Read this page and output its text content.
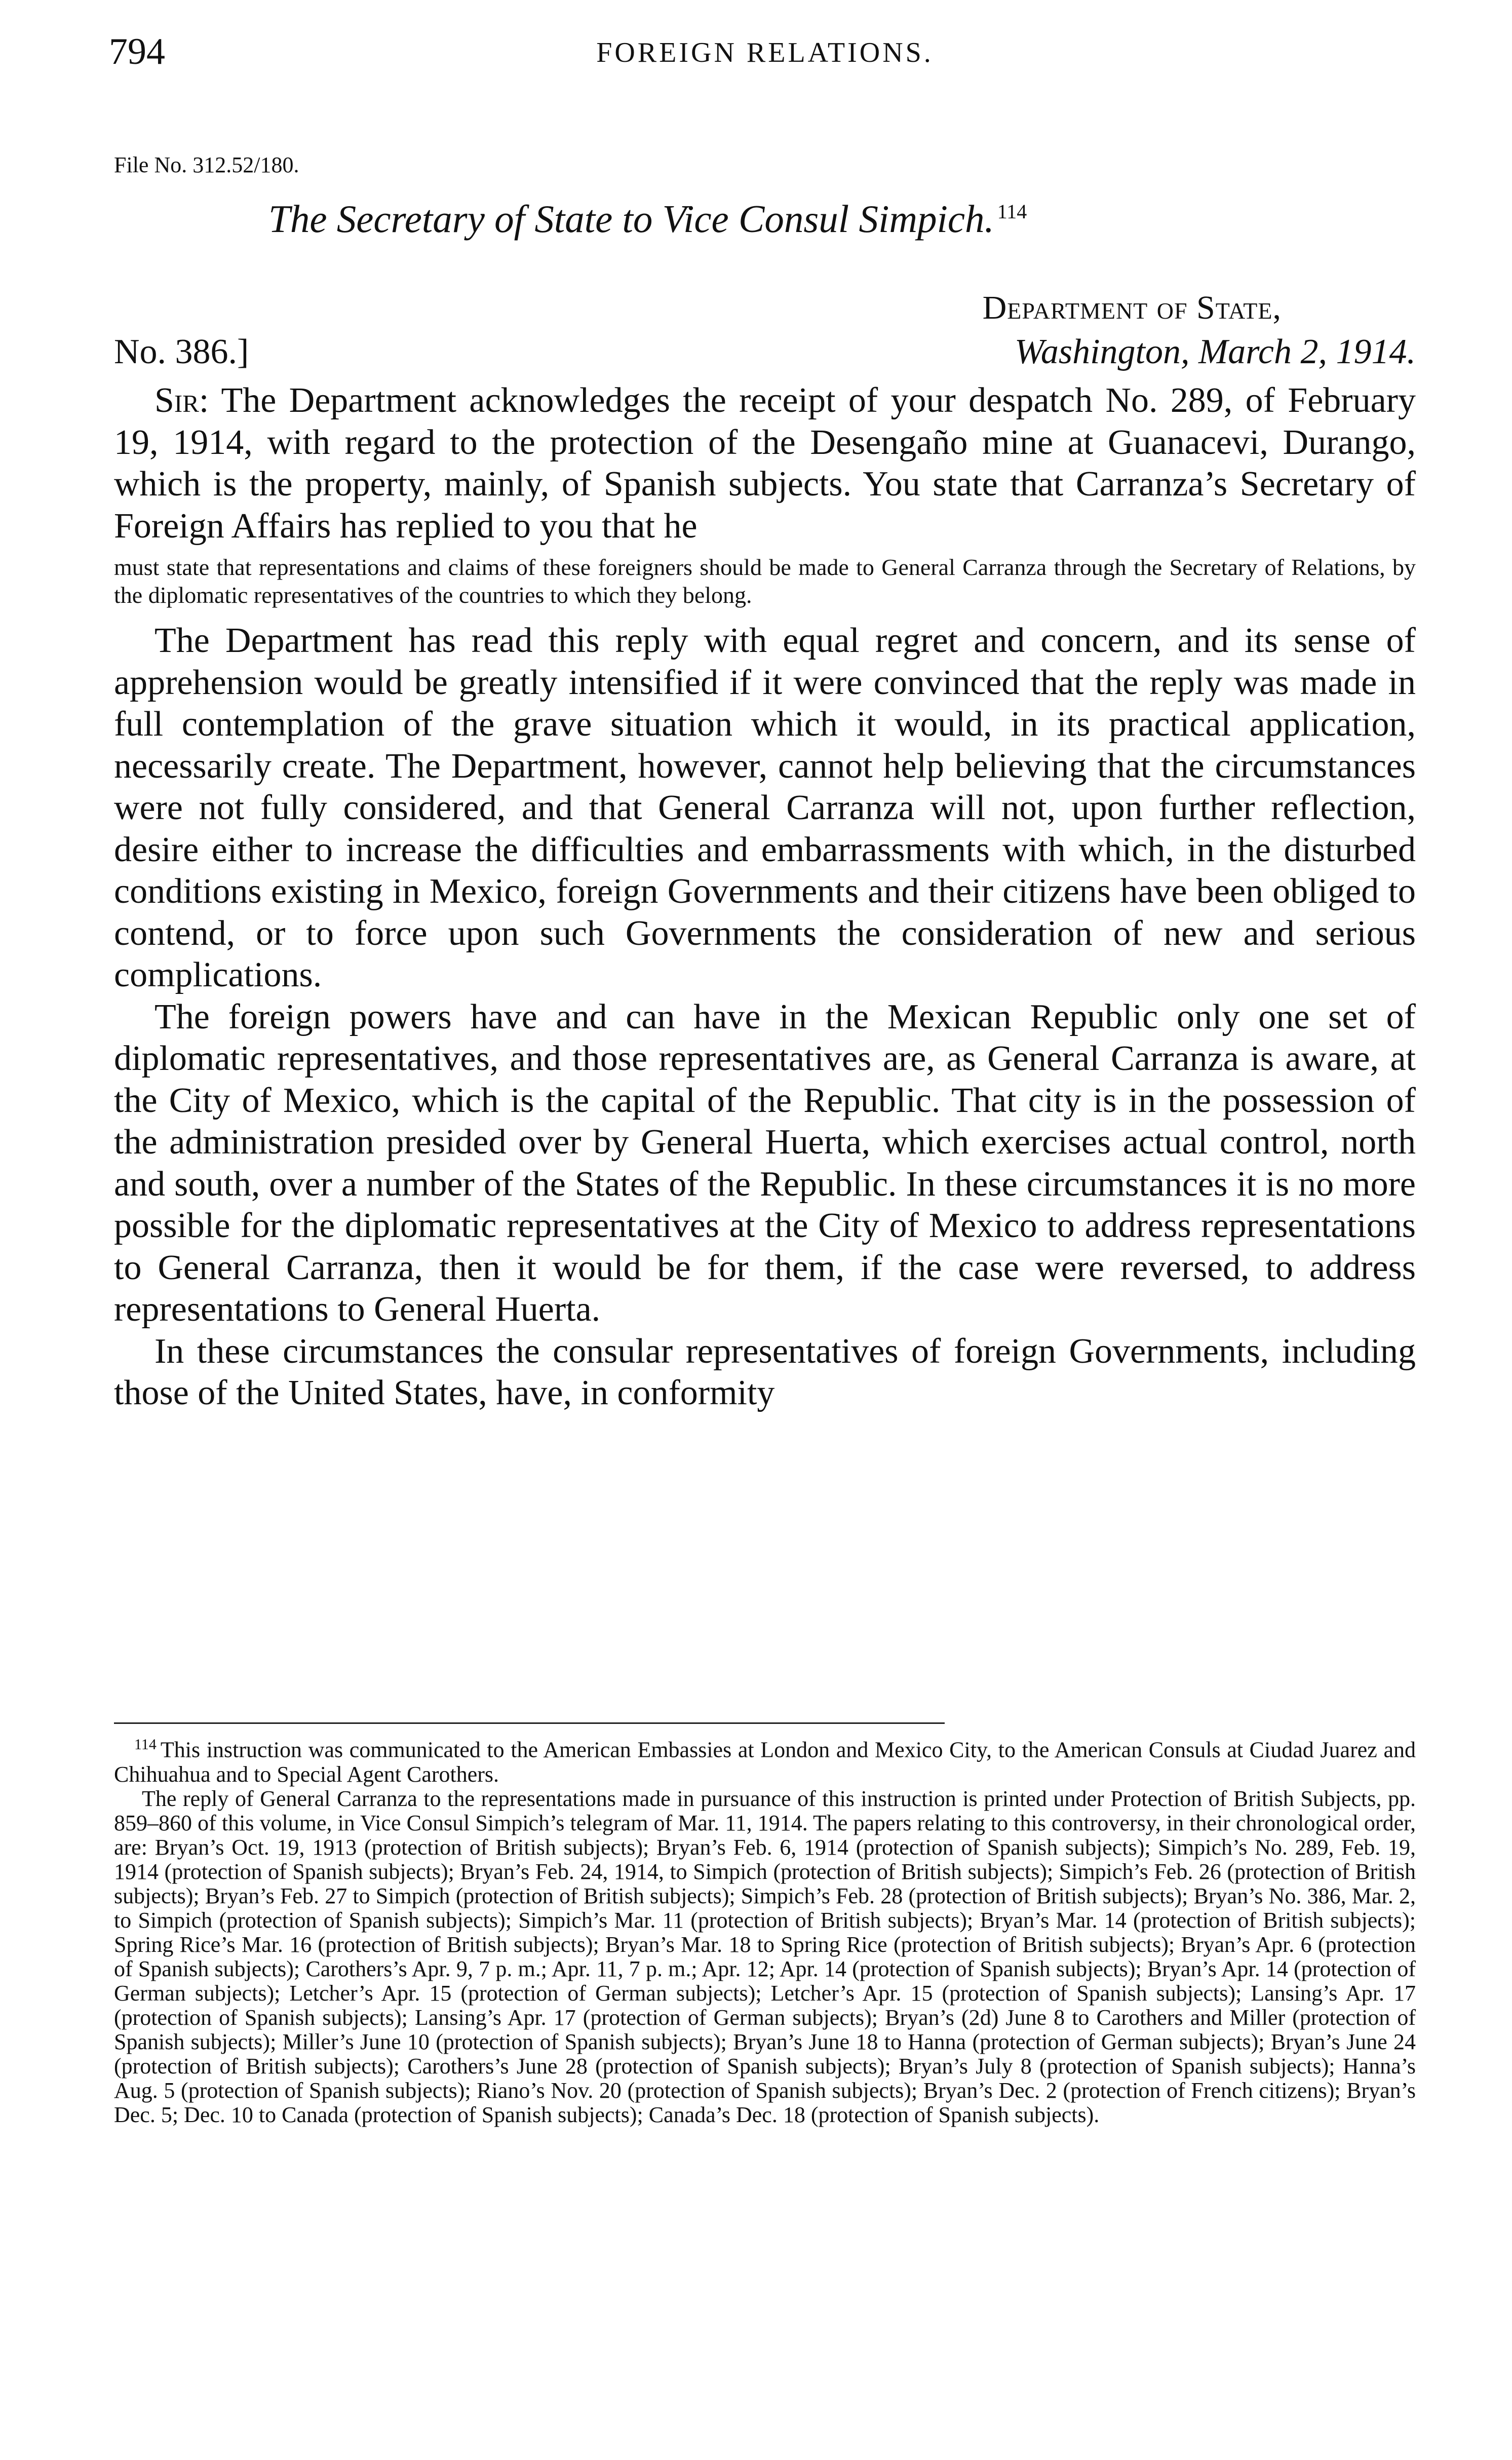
794	FOREIGN RELATIONS.
File No. 312.52/180.
The Secretary of State to Vice Consul Simpich. $^{114}$
Department of State,
No. 386.]	Washington, March 2, 1914.

Sir: The Department acknowledges the receipt of your despatch No. 289, of February 19, 1914, with regard to the protection of the Desengaño mine at Guanacevi, Durango, which is the property, mainly, of Spanish subjects. You state that Carranza’s Secretary of Foreign Affairs has replied to you that he

must state that representations and claims of these foreigners should be made to General Carranza through the Secretary of Relations, by the diplomatic representatives of the countries to which they belong.

The Department has read this reply with equal regret and concern, and its sense of apprehension would be greatly intensified if it were convinced that the reply was made in full contemplation of the grave situation which it would, in its practical application, necessarily create. The Department, however, cannot help believing that the circumstances were not fully considered, and that General Carranza will not, upon further reflection, desire either to increase the difficulties and embarrassments with which, in the disturbed conditions existing in Mexico, foreign Governments and their citizens have been obliged to contend, or to force upon such Governments the consideration of new and serious complications.

The foreign powers have and can have in the Mexican Republic only one set of diplomatic representatives, and those representatives are, as General Carranza is aware, at the City of Mexico, which is the capital of the Republic. That city is in the possession of the administration presided over by General Huerta, which exercises actual control, north and south, over a number of the States of the Republic. In these circumstances it is no more possible for the diplomatic representatives at the City of Mexico to address representations to General Carranza, then it would be for them, if the case were reversed, to address representations to General Huerta.

In these circumstances the consular representatives of foreign Governments, including those of the United States, have, in conformity

$^{114}$ This instruction was communicated to the American Embassies at London and Mexico City, to the American Consuls at Ciudad Juarez and Chihuahua and to Special Agent Carothers.

The reply of General Carranza to the representations made in pursuance of this instruction is printed under Protection of British Subjects, pp. 859–860 of this volume, in Vice Consul Simpich’s telegram of Mar. 11, 1914. The papers relating to this controversy, in their chronological order, are: Bryan’s Oct. 19, 1913 (protection of British subjects); Bryan’s Feb. 6, 1914 (protection of Spanish subjects); Simpich’s No. 289, Feb. 19, 1914 (protection of Spanish subjects); Bryan’s Feb. 24, 1914, to Simpich (protection of British subjects); Simpich’s Feb. 26 (protection of British subjects); Bryan’s Feb. 27 to Simpich (protection of British subjects); Simpich’s Feb. 28 (protection of British subjects); Bryan’s No. 386, Mar. 2, to Simpich (protection of Spanish subjects); Simpich’s Mar. 11 (protection of British subjects); Bryan’s Mar. 14 (protection of British subjects); Spring Rice’s Mar. 16 (protection of British subjects); Bryan’s Mar. 18 to Spring Rice (protection of British subjects); Bryan’s Apr. 6 (protection of Spanish subjects); Carothers’s Apr. 9, 7 p. m.; Apr. 11, 7 p. m.; Apr. 12; Apr. 14 (protection of Spanish subjects); Bryan’s Apr. 14 (protection of German subjects); Letcher’s Apr. 15 (protection of German subjects); Letcher’s Apr. 15 (protection of Spanish subjects); Lansing’s Apr. 17 (protection of Spanish subjects); Lansing’s Apr. 17 (protection of German subjects); Bryan’s (2d) June 8 to Carothers and Miller (protection of Spanish subjects); Miller’s June 10 (protection of Spanish subjects); Bryan’s June 18 to Hanna (protection of German subjects); Bryan’s June 24 (protection of British subjects); Carothers’s June 28 (protection of Spanish subjects); Bryan’s July 8 (protection of Spanish subjects); Hanna’s Aug. 5 (protection of Spanish subjects); Riano’s Nov. 20 (protection of Spanish subjects); Bryan’s Dec. 2 (protection of French citizens); Bryan’s Dec. 5; Dec. 10 to Canada (protection of Spanish subjects); Canada’s Dec. 18 (protection of Spanish subjects).
